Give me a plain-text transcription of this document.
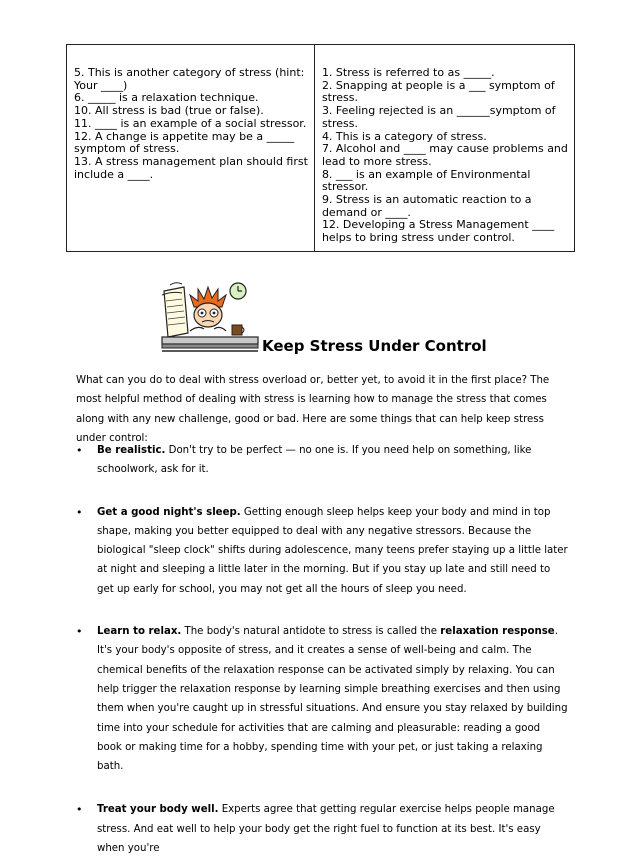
5. This is another category of stress (hint:
Your ____)
6. _____ is a relaxation technique.
10. All stress is bad (true or false).
11. ____ is an example of a social stressor.
12. A change is appetite may be a _____
symptom of stress.
13. A stress management plan should first
include a ____.

1. Stress is referred to as _____.
2. Snapping at people is a ___ symptom of
stress.
3. Feeling rejected is an ______symptom of
stress.
4. This is a category of stress.
7. Alcohol and ____ may cause problems and
lead to more stress.
8. ___ is an example of Environmental
stressor.
9. Stress is an automatic reaction to a
demand or ____.
12. Developing a Stress Management ____
helps to bring stress under control.
Keep Stress Under Control

What can you do to deal with stress overload or, better yet, to avoid it in the first place? The most helpful method of dealing with stress is learning how to manage the stress that comes along with any new challenge, good or bad. Here are some things that can help keep stress under control:

• Be realistic. Don't try to be perfect — no one is. If you need help on something, like schoolwork, ask for it.
• Get a good night's sleep. Getting enough sleep helps keep your body and mind in top shape, making you better equipped to deal with any negative stressors. Because the biological "sleep clock" shifts during adolescence, many teens prefer staying up a little later at night and sleeping a little later in the morning. But if you stay up late and still need to get up early for school, you may not get all the hours of sleep you need.
• Learn to relax. The body's natural antidote to stress is called the relaxation response. It's your body's opposite of stress, and it creates a sense of well-being and calm. The chemical benefits of the relaxation response can be activated simply by relaxing. You can help trigger the relaxation response by learning simple breathing exercises and then using them when you're caught up in stressful situations. And ensure you stay relaxed by building time into your schedule for activities that are calming and pleasurable: reading a good book or making time for a hobby, spending time with your pet, or just taking a relaxing bath.
• Treat your body well. Experts agree that getting regular exercise helps people manage stress. And eat well to help your body get the right fuel to function at its best. It's easy when you're
